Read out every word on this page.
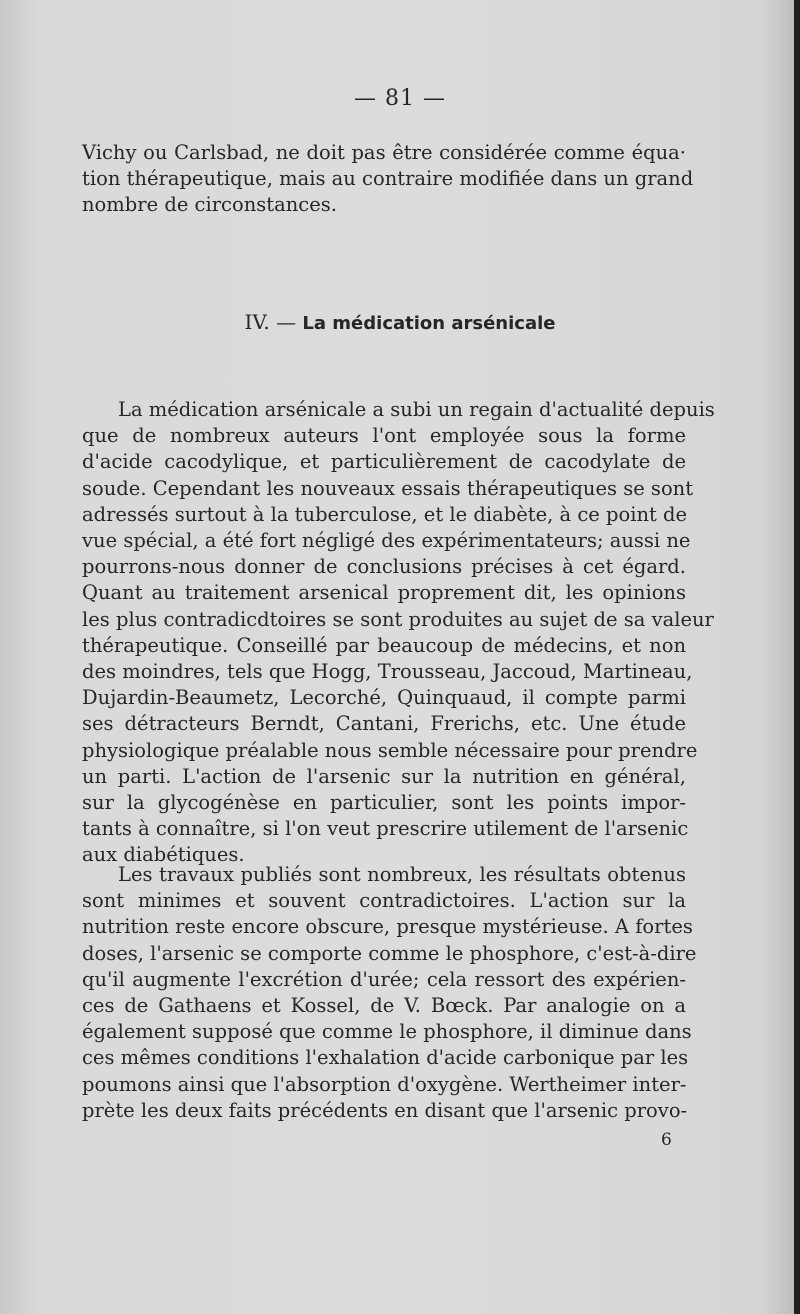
— 81 —
Vichy ou Carlsbad, ne doit pas être considérée comme équa·
tion thérapeutique, mais au contraire modifiée dans un grand
nombre de circonstances.
IV. — La médication arsénicale
La médication arsénicale a subi un regain d'actualité depuis
que de nombreux auteurs l'ont employée sous la forme
d'acide cacodylique, et particulièrement de cacodylate de
soude. Cependant les nouveaux essais thérapeutiques se sont
adressés surtout à la tuberculose, et le diabète, à ce point de
vue spécial, a été fort négligé des expérimentateurs; aussi ne
pourrons-nous donner de conclusions précises à cet égard.
Quant au traitement arsenical proprement dit, les opinions
les plus contradicdtoires se sont produites au sujet de sa valeur
thérapeutique. Conseillé par beaucoup de médecins, et non
des moindres, tels que Hogg, Trousseau, Jaccoud, Martineau,
Dujardin-Beaumetz, Lecorché, Quinquaud, il compte parmi
ses détracteurs Berndt, Cantani, Frerichs, etc. Une étude
physiologique préalable nous semble nécessaire pour prendre
un parti. L'action de l'arsenic sur la nutrition en général,
sur la glycogénèse en particulier, sont les points impor-
tants à connaître, si l'on veut prescrire utilement de l'arsenic
aux diabétiques.
Les travaux publiés sont nombreux, les résultats obtenus
sont minimes et souvent contradictoires. L'action sur la
nutrition reste encore obscure, presque mystérieuse. A fortes
doses, l'arsenic se comporte comme le phosphore, c'est-à-dire
qu'il augmente l'excrétion d'urée; cela ressort des expérien-
ces de Gathaens et Kossel, de V. Bœck. Par analogie on a
également supposé que comme le phosphore, il diminue dans
ces mêmes conditions l'exhalation d'acide carbonique par les
poumons ainsi que l'absorption d'oxygène. Wertheimer inter-
prète les deux faits précédents en disant que l'arsenic provo-
6
